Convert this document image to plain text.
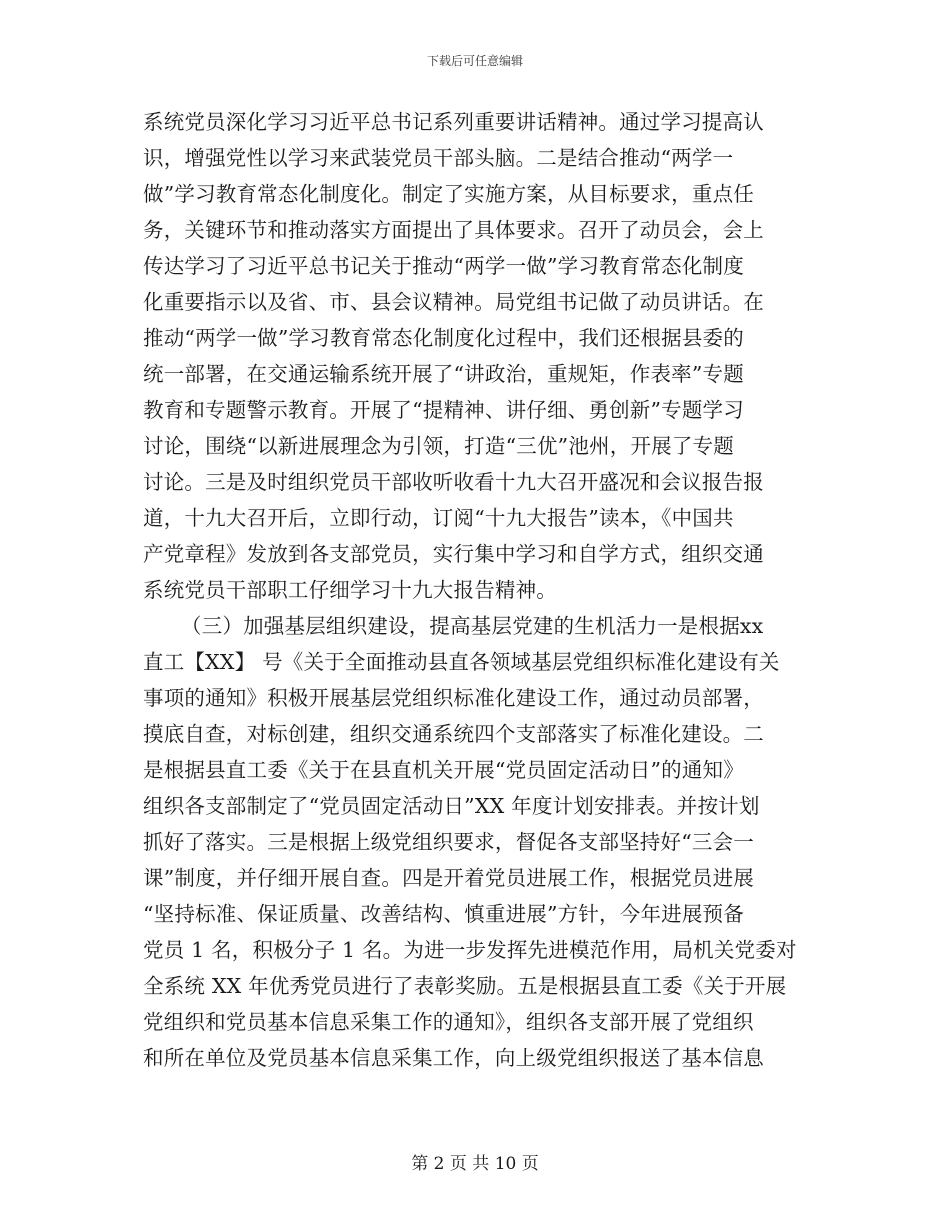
下载后可任意编辑
系统党员深化学习习近平总书记系列重要讲话精神。通过学习提高认
识，增强党性以学习来武装党员干部头脑。二是结合推动“两学一
做”学习教育常态化制度化。制定了实施方案，从目标要求，重点任
务，关键环节和推动落实方面提出了具体要求。召开了动员会，会上
传达学习了习近平总书记关于推动“两学一做”学习教育常态化制度
化重要指示以及省、市、县会议精神。局党组书记做了动员讲话。在
推动“两学一做”学习教育常态化制度化过程中，我们还根据县委的
统一部署，在交通运输系统开展了“讲政治，重规矩，作表率”专题
教育和专题警示教育。开展了“提精神、讲仔细、勇创新”专题学习
讨论，围绕“以新进展理念为引领，打造“三优”池州，开展了专题
讨论。三是及时组织党员干部收听收看十九大召开盛况和会议报告报
道，十九大召开后，立即行动，订阅“十九大报告”读本，《中国共
产党章程》发放到各支部党员，实行集中学习和自学方式，组织交通
系统党员干部职工仔细学习十九大报告精神。
（三）加强基层组织建设，提高基层党建的生机活力一是根据xx
直工【XX】 号《关于全面推动县直各领域基层党组织标准化建设有关
事项的通知》积极开展基层党组织标准化建设工作，通过动员部署，
摸底自查，对标创建，组织交通系统四个支部落实了标准化建设。二
是根据县直工委《关于在县直机关开展“党员固定活动日”的通知》
组织各支部制定了“党员固定活动日”XX 年度计划安排表。并按计划
抓好了落实。三是根据上级党组织要求，督促各支部坚持好“三会一
课”制度，并仔细开展自查。四是开着党员进展工作，根据党员进展
“坚持标准、保证质量、改善结构、慎重进展”方针，今年进展预备
党员 1 名，积极分子 1 名。为进一步发挥先进模范作用，局机关党委对
全系统 XX 年优秀党员进行了表彰奖励。五是根据县直工委《关于开展
党组织和党员基本信息采集工作的通知》，组织各支部开展了党组织
和所在单位及党员基本信息采集工作，向上级党组织报送了基本信息
第 2 页 共 10 页
